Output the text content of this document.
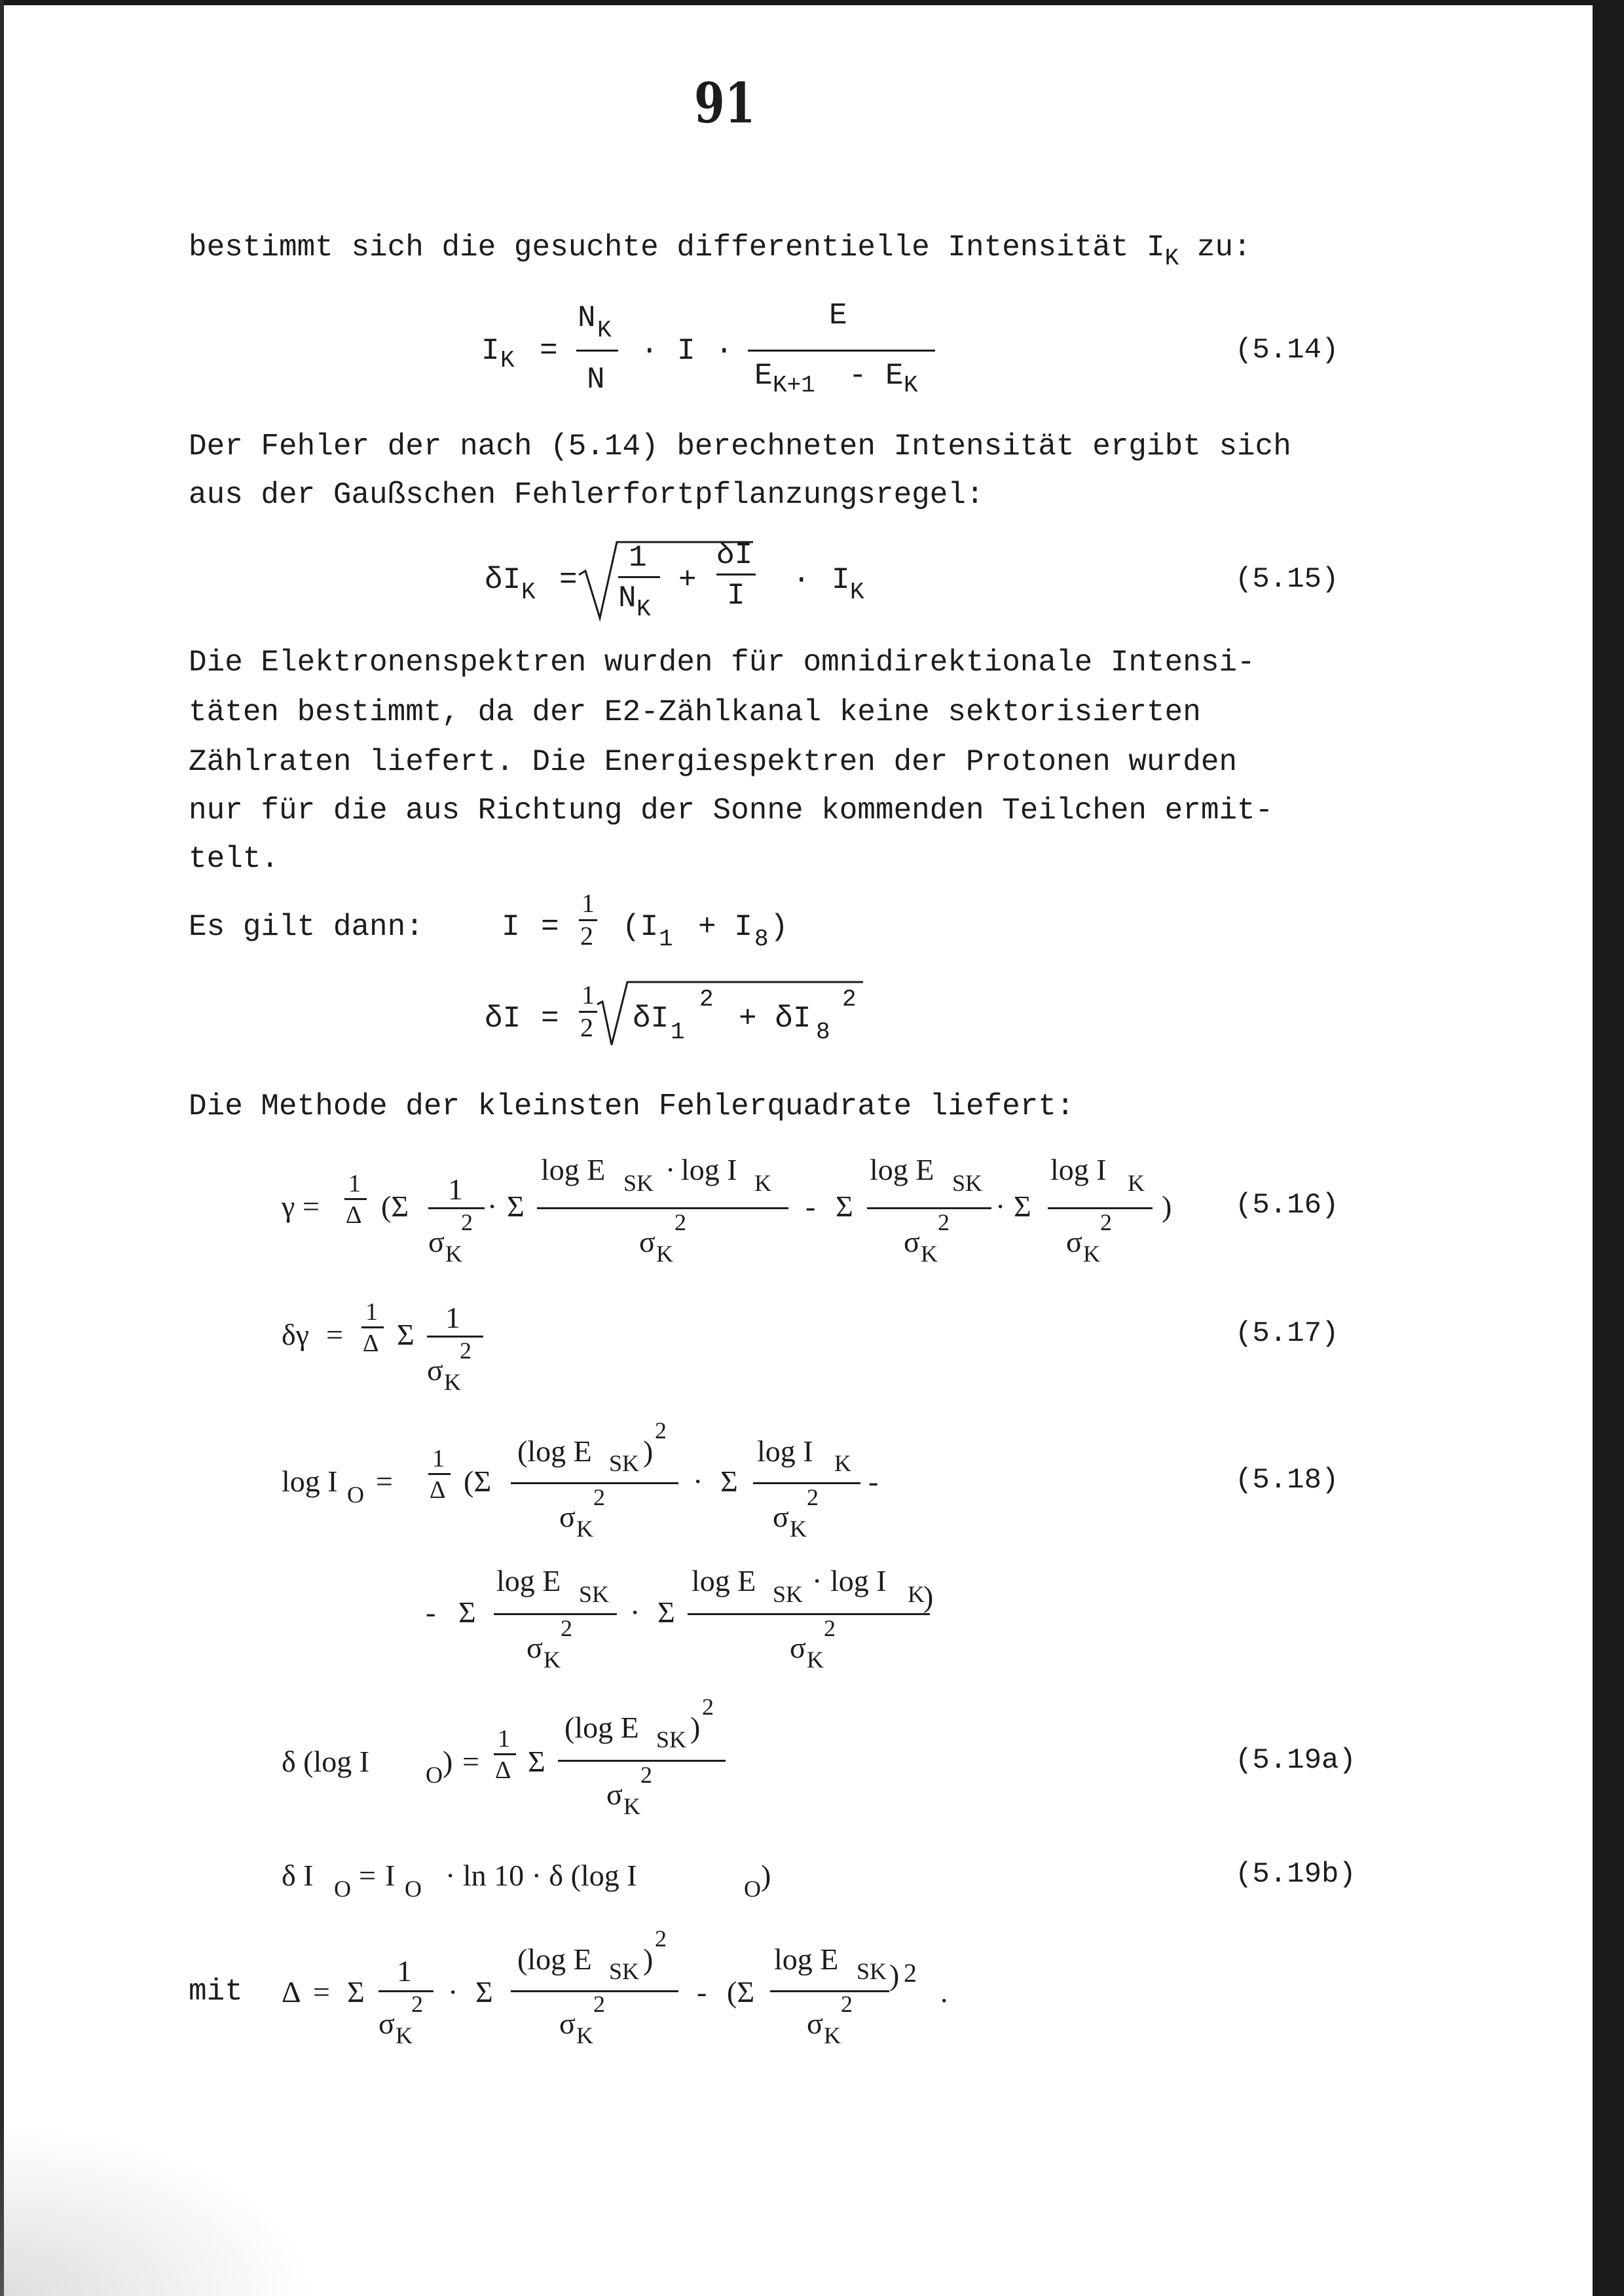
91
bestimmt sich die gesuchte differentielle Intensität $I_K$ zu:
I K =
N K
N
· I ·
E
E K+1 - E K
(5.14)
Der Fehler der nach (5.14) berechneten Intensität ergibt sich
aus der Gaußschen Fehlerfortpflanzungsregel:
δI K =
1
N K
+
δI
I · I K	(5.15)
Die Elektronenspektren wurden für omnidirektionale Intensi-
täten bestimmt, da der E2-Zählkanal keine sektorisierten
Zählraten liefert. Die Energiespektren der Protonen wurden
nur für die aus Richtung der Sonne kommenden Teilchen ermit-
telt.
Es gilt dann:	I =
1
2 (I 1 + I 8 )
δI =
1
2 δI 1
2
+ δI 8
2
Die Methode der kleinsten Fehlerquadrate liefert:

γ

=

1

Δ

(Σ

1

σ

K

2

·

Σ

log E

SK

·

log I

K

σ

K

2

	-

Σ

log E

SK

σ

K

2

·

Σ

log I

K

σ

K

2

)

(5.16)

δγ

=

1

Δ

Σ

1

σ

K

2

(5.17)

log I

O

=

1

Δ

(Σ

(log E

SK

)

2

σ

K

2

	·

Σ

log I

K

σ

K

2

-

-

Σ

log E

SK

σ

K

2

·

Σ

log E

SK

·

log I

K

)

σ

K

2

(5.18)

δ (log I

O

)

=

1

Δ

Σ

(log E

SK

)

2

σ

K

2

	(5.19a)

δ I

O

=

I

O

· ln 10 · δ (log I

	O

)

	(5.19b)
mit

Δ

=

Σ

1

σ

K

2

·

Σ

(log E

SK

)

2

σ

K

2

	-

(Σ

log E

SK

)

2

σ

K

2

	.
